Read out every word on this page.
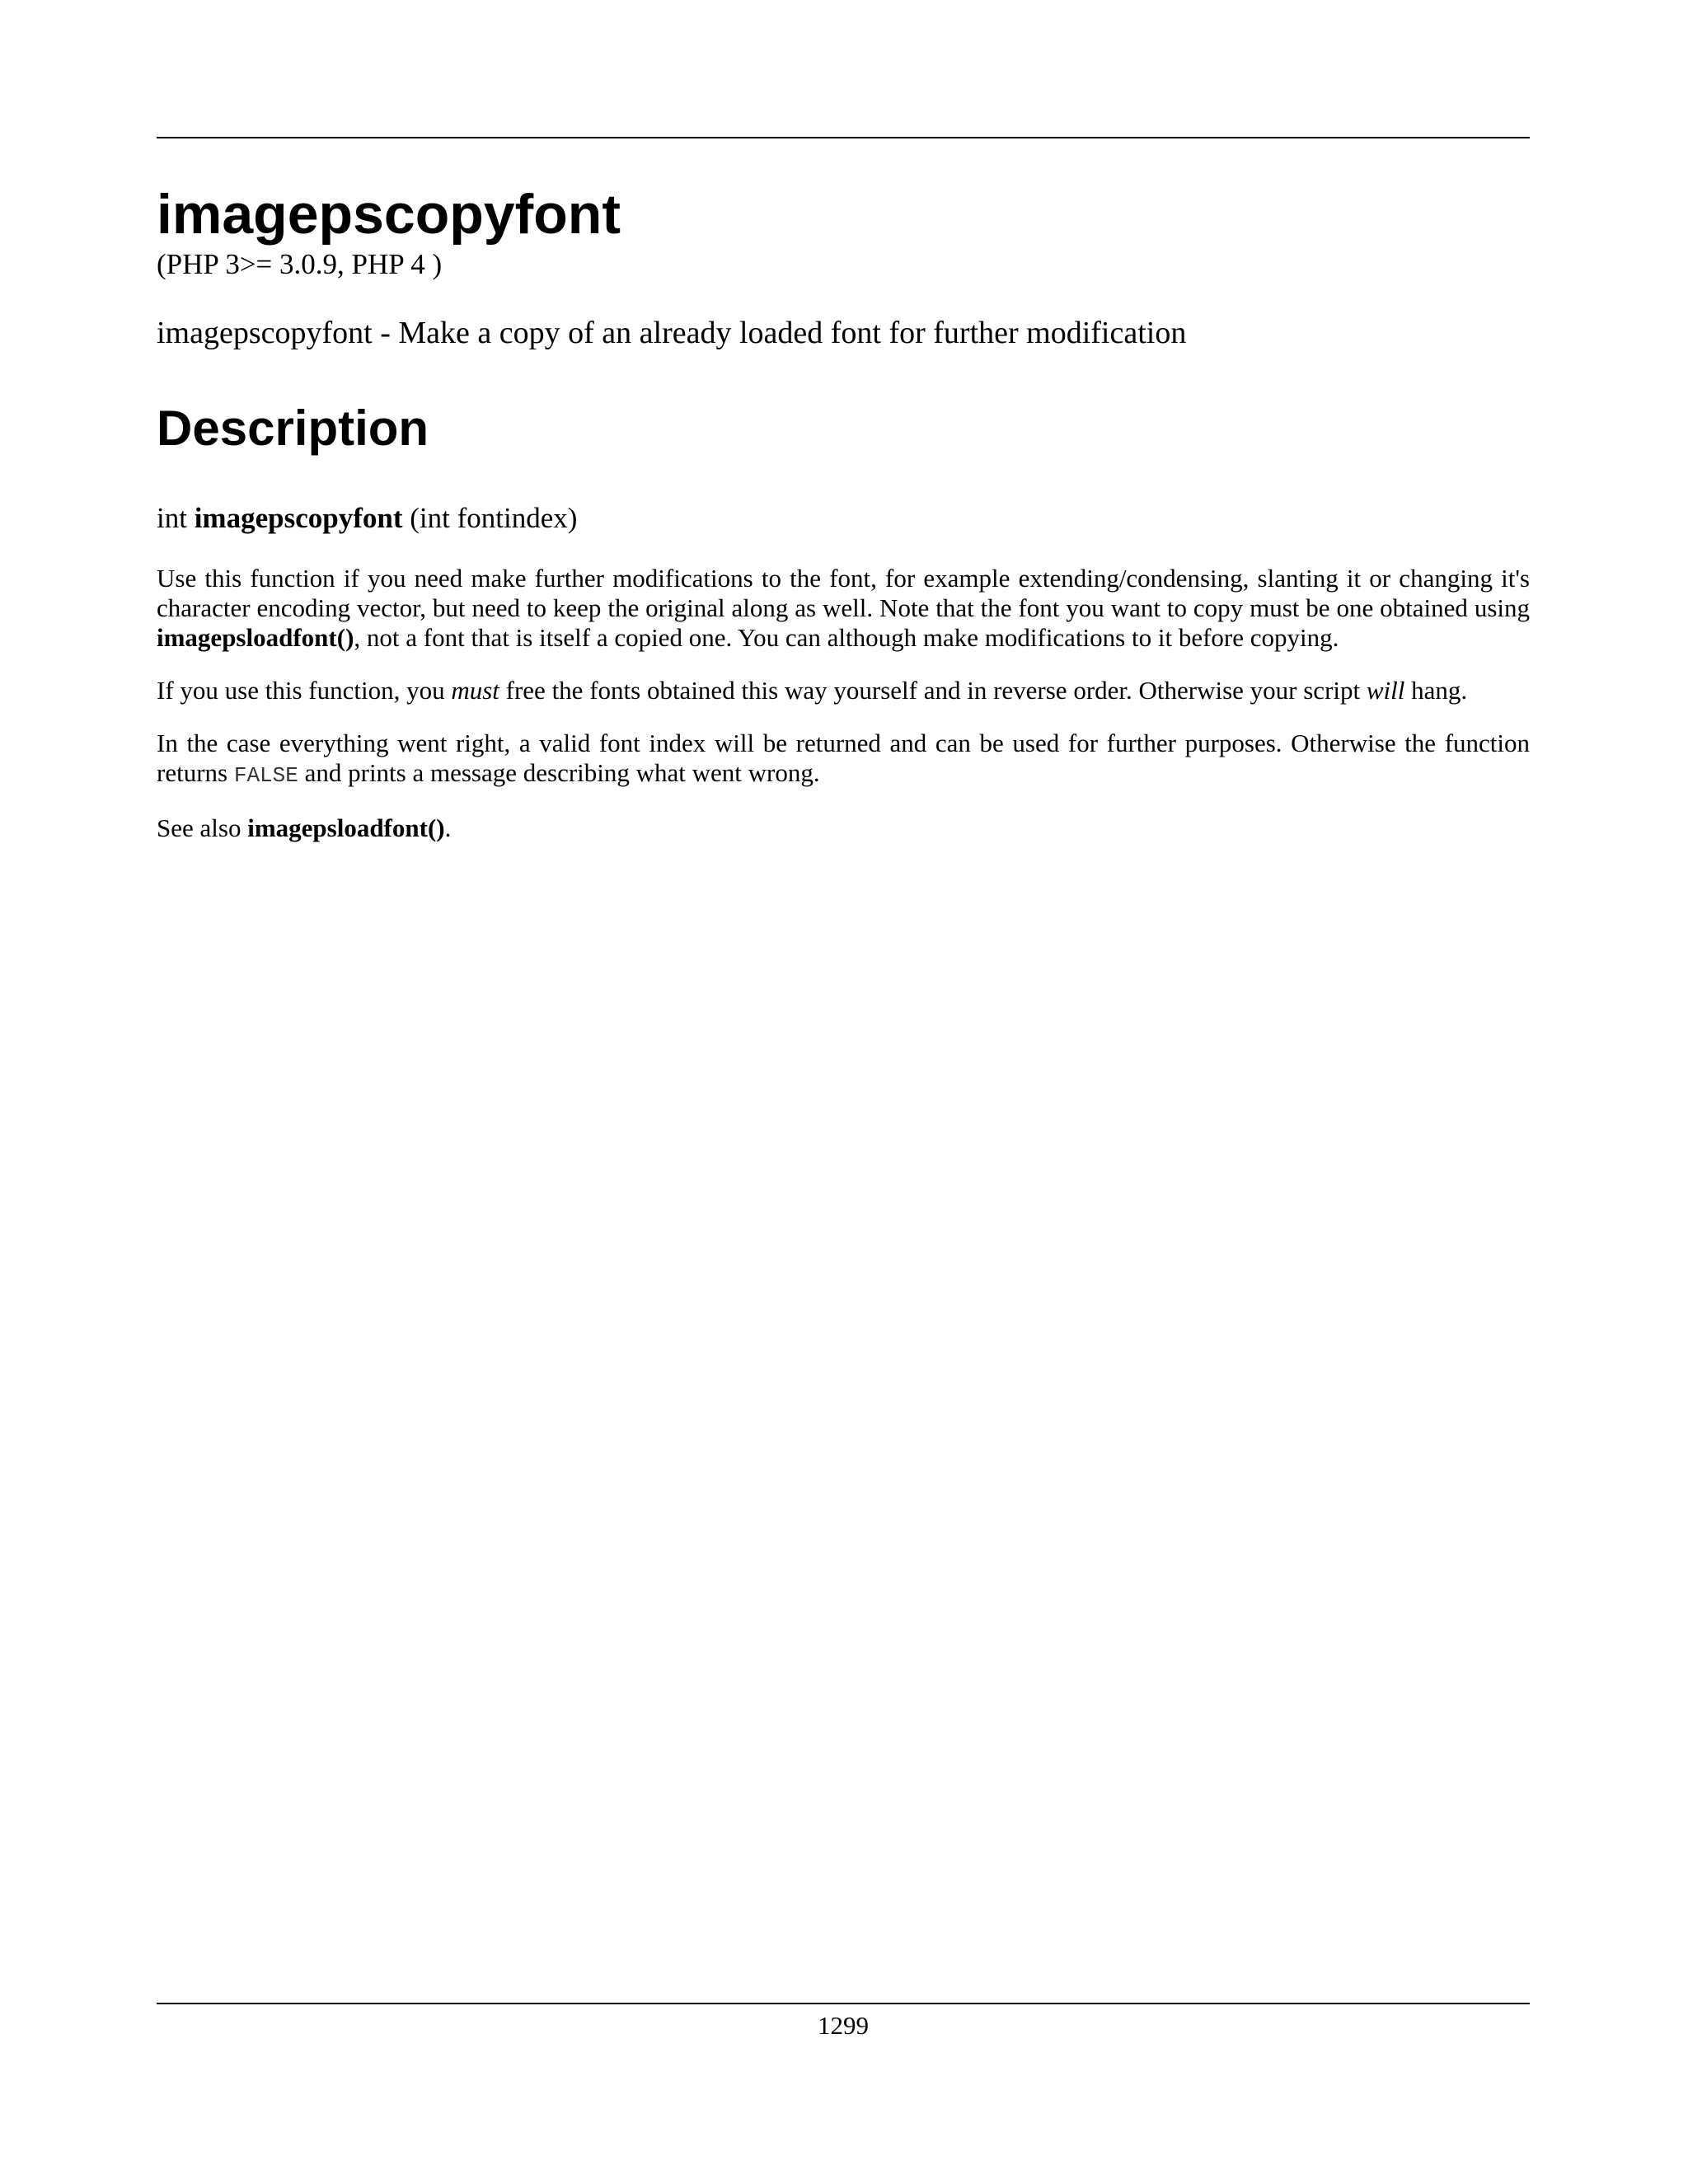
imagepscopyfont
(PHP 3>= 3.0.9, PHP 4 )
imagepscopyfont - Make a copy of an already loaded font for further modification
Description
int imagepscopyfont (int fontindex)

Use this function if you need make further modifications to the font, for example extending/condensing, slanting it or changing it's character encoding vector, but need to keep the original along as well. Note that the font you want to copy must be one obtained using imagepsloadfont(), not a font that is itself a copied one. You can although make modifications to it before copying.

If you use this function, you must free the fonts obtained this way yourself and in reverse order. Otherwise your script will hang.

In the case everything went right, a valid font index will be returned and can be used for further purposes. Otherwise the function returns FALSE and prints a message describing what went wrong.

See also imagepsloadfont().

1299
